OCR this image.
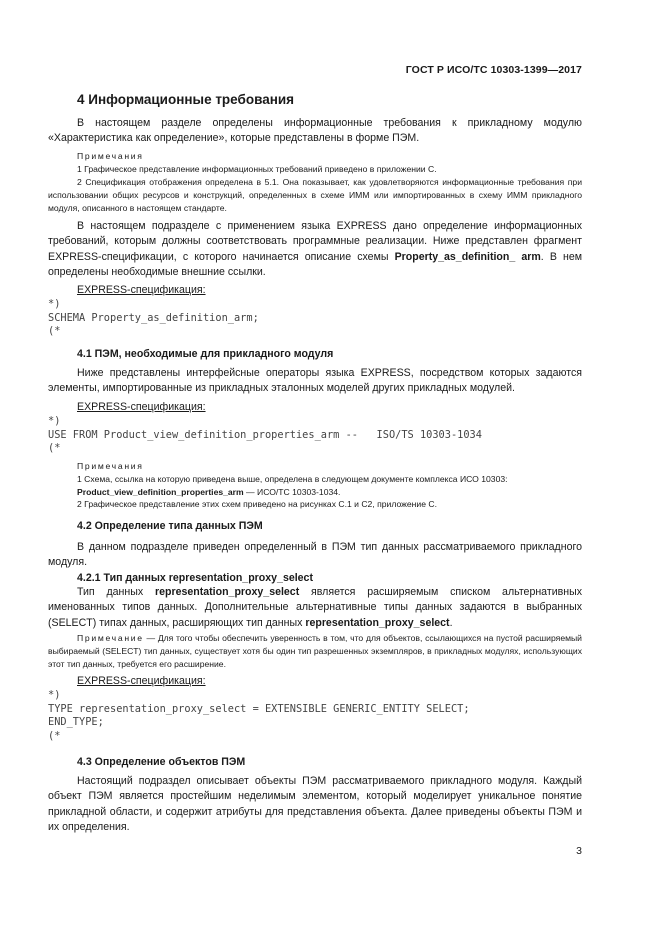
ГОСТ Р ИСО/ТС 10303-1399—2017
4 Информационные требования

В настоящем разделе определены информационные требования к прикладному модулю «Характеристика как определение», которые представлены в форме ПЭМ.

Примечания

1 Графическое представление информационных требований приведено в приложении С.

2 Спецификация отображения определена в 5.1. Она показывает, как удовлетворяются информационные требования при использовании общих ресурсов и конструкций, определенных в схеме ИММ или импортированных в схему ИММ прикладного модуля, описанного в настоящем стандарте.

В настоящем подразделе с применением языка EXPRESS дано определение информационных требований, которым должны соответствовать программные реализации. Ниже представлен фрагмент EXPRESS-спецификации, с которого начинается описание схемы Property_as_definition_ arm. В нем определены необходимые внешние ссылки.

EXPRESS-спецификация:
*)
SCHEMA Property_as_definition_arm;
(*
4.1 ПЭМ, необходимые для прикладного модуля

Ниже представлены интерфейсные операторы языка EXPRESS, посредством которых задаются элементы, импортированные из прикладных эталонных моделей других прикладных модулей.

EXPRESS-спецификация:
*)
USE FROM Product_view_definition_properties_arm --   ISO/TS 10303-1034
(*
Примечания

1 Схема, ссылка на которую приведена выше, определена в следующем документе комплекса ИСО 10303:
Product_view_definition_properties_arm — ИСО/ТС 10303-1034.

2 Графическое представление этих схем приведено на рисунках С.1 и С2, приложение С.

4.2 Определение типа данных ПЭМ

В данном подразделе приведен определенный в ПЭМ тип данных рассматриваемого прикладного модуля.

4.2.1 Тип данных representation_proxy_select

Тип данных representation_proxy_select является расширяемым списком альтернативных именованных типов данных. Дополнительные альтернативные типы данных задаются в выбранных (SELECT) типах данных, расширяющих тип данных representation_proxy_select.

Примечание — Для того чтобы обеспечить уверенность в том, что для объектов, ссылающихся на пустой расширяемый выбираемый (SELECT) тип данных, существует хотя бы один тип разрешенных экземпляров, в прикладных модулях, использующих этот тип данных, требуется его расширение.

EXPRESS-спецификация:
*)
TYPE representation_proxy_select = EXTENSIBLE GENERIC_ENTITY SELECT;
END_TYPE;
(*
4.3 Определение объектов ПЭМ

Настоящий подраздел описывает объекты ПЭМ рассматриваемого прикладного модуля. Каждый объект ПЭМ является простейшим неделимым элементом, который моделирует уникальное понятие прикладной области, и содержит атрибуты для представления объекта. Далее приведены объекты ПЭМ и их определения.

3
